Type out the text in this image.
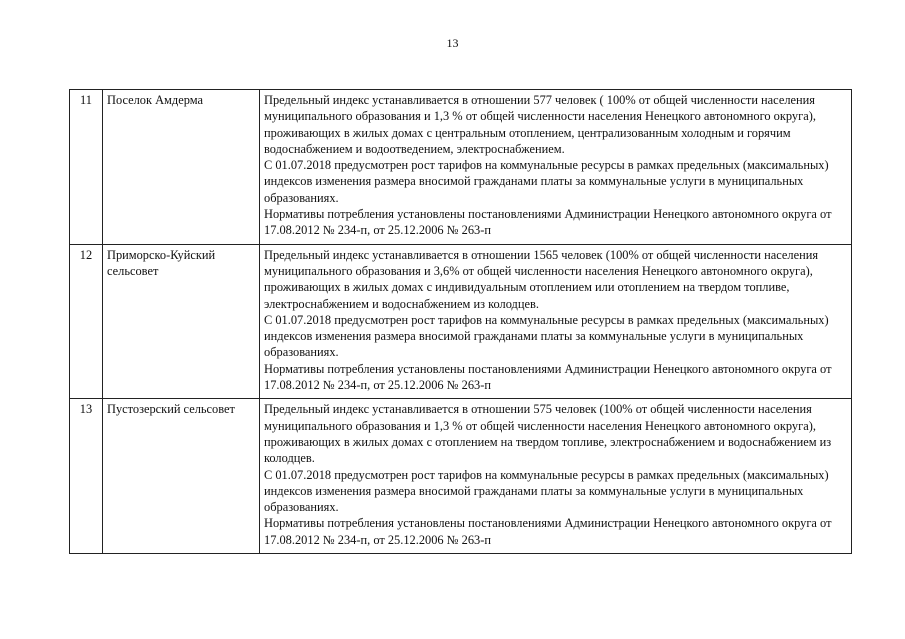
13
11	Поселок Амдерма	Предельный индекс устанавливается в отношении 577 человек ( 100% от общей численности населения муниципального образования и 1,3 % от общей численности населения Ненецкого автономного округа), проживающих в жилых домах с центральным отоплением, централизованным холодным и горячим водоснабжением и водоотведением, электроснабжением.

С 01.07.2018 предусмотрен рост тарифов на коммунальные ресурсы в рамках предельных (максимальных) индексов изменения размера вносимой гражданами платы за коммунальные услуги в муниципальных образованиях.

Нормативы потребления установлены постановлениями Администрации Ненецкого автономного округа от 17.08.2012 № 234-п, от 25.12.2006 № 263-п

12	Приморско-Куйский сельсовет	Предельный индекс устанавливается в отношении 1565 человек (100% от общей численности населения муниципального образования и 3,6% от общей численности населения Ненецкого автономного округа), проживающих в жилых домах с индивидуальным отоплением или отоплением на твердом топливе, электроснабжением и водоснабжением из колодцев.

С 01.07.2018 предусмотрен рост тарифов на коммунальные ресурсы в рамках предельных (максимальных) индексов изменения размера вносимой гражданами платы за коммунальные услуги в муниципальных образованиях.

Нормативы потребления установлены постановлениями Администрации Ненецкого автономного округа от 17.08.2012 № 234-п, от 25.12.2006 № 263-п

13	Пустозерский сельсовет	Предельный индекс устанавливается в отношении 575 человек (100% от общей численности населения муниципального образования и 1,3 % от общей численности населения Ненецкого автономного округа), проживающих в жилых домах с отоплением на твердом топливе, электроснабжением и водоснабжением из колодцев.

С 01.07.2018 предусмотрен рост тарифов на коммунальные ресурсы в рамках предельных (максимальных) индексов изменения размера вносимой гражданами платы за коммунальные услуги в муниципальных образованиях.

Нормативы потребления установлены постановлениями Администрации Ненецкого автономного округа от 17.08.2012 № 234-п, от 25.12.2006 № 263-п
